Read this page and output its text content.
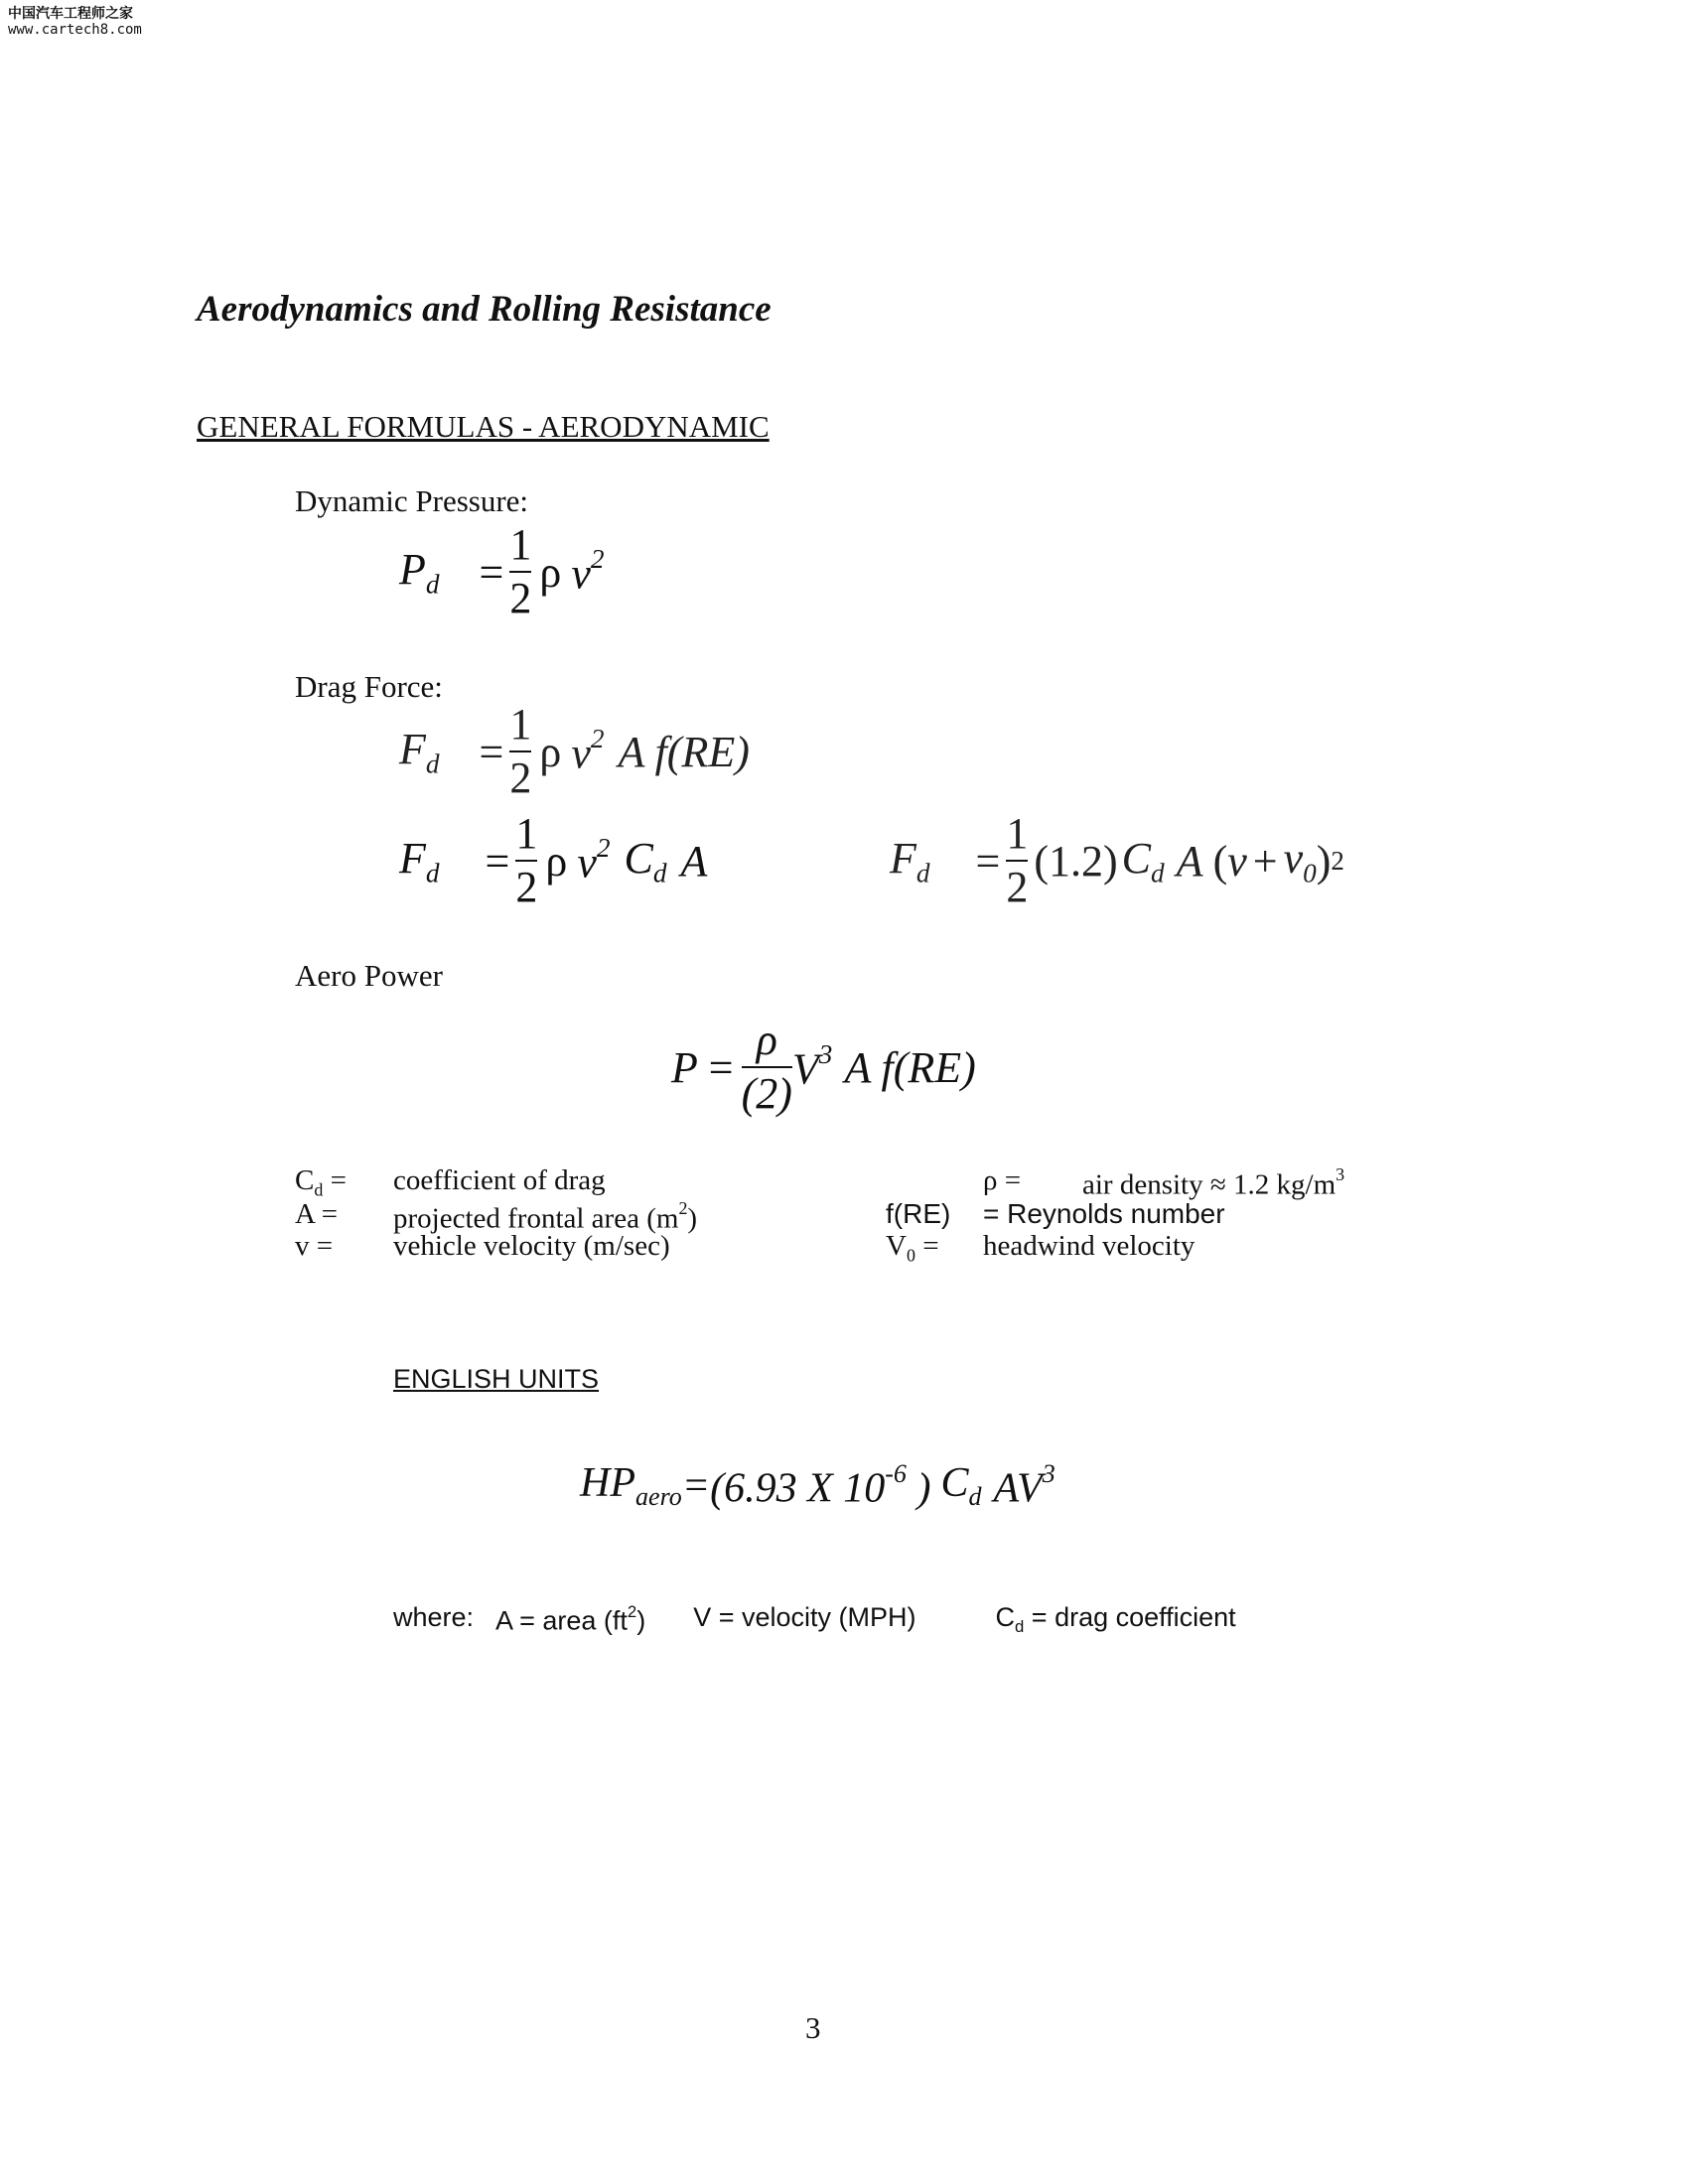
中国汽车工程师之家
www.cartech8.com
Aerodynamics and Rolling Resistance
GENERAL FORMULAS - AERODYNAMIC
Dynamic Pressure:
$P_d = \frac{1}{2}$ ρ $v^2$
Drag Force:
$F_d = \frac{1}{2}$ ρ $v^2$ A f(RE)
$F_d = \frac{1}{2}$ ρ $v^2$ $C_d$ A	$F_d = \frac{1}{2} (1.2)$ $C_d$ A ( $v + v_0$ ) 2
Aero Power
$P = \frac{\rho}{(2)} V^3$ A f(RE)
$C_d$ = coefficient of drag
A = projected frontal area $(m^2)$
v = vehicle velocity (m/sec)
ρ = air density ≈ 1.2 $kg/m^3$
f(RE) = Reynolds number
$V_0$ = headwind velocity
ENGLISH UNITS
$HP_{aero} = (6.93$ X $10^{-6}$ ) $C_d$ $AV^3$
where: A = area $(ft^2) V$ = velocity (MPH)	$C_d$ = drag coefficient
3
